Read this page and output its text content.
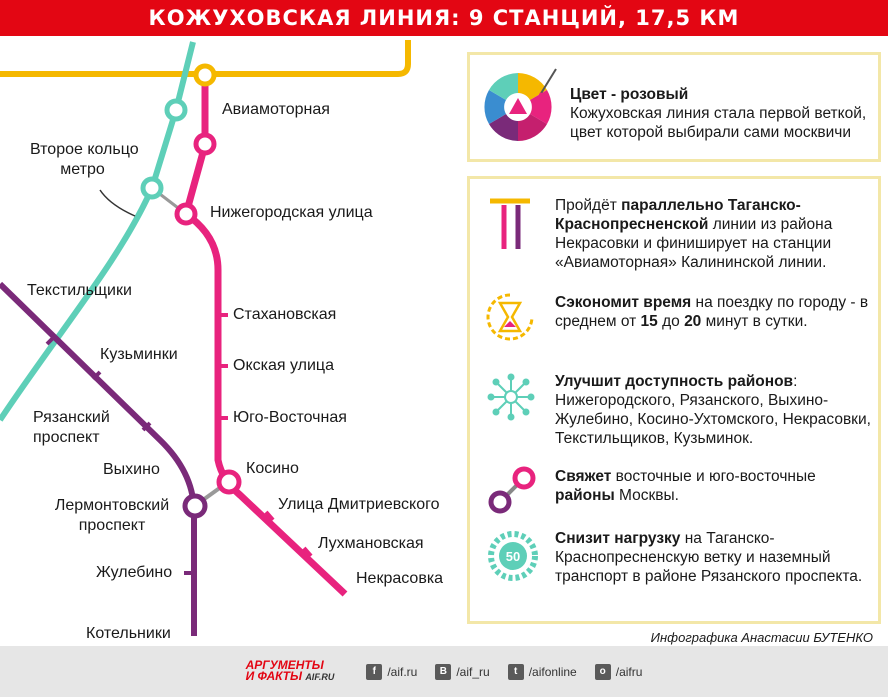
КОЖУХОВСКАЯ ЛИНИЯ: 9 СТАНЦИЙ, 17,5 КМ
Авиамоторная
Второе кольцо
метро
Нижегородская улица
Стахановская
Окская улица
Юго-Восточная
Косино
Улица Дмитриевского
Лухмановская
Некрасовка
Текстильщики
Кузьминки
Рязанский
проспект
Выхино
Лермонтовский
проспект
Жулебино
Котельники
Цвет - розовый
Кожуховская линия стала первой веткой, цвет которой выбирали сами москвичи
Пройдёт параллельно Таганско-Краснопресненской линии из района Некрасовки и финиширует на станции «Авиамоторная» Калининской линии.
Сэкономит время на поездку по городу - в среднем от 15 до 20 минут в сутки.
Улучшит доступность районов: Нижегородского, Рязанского, Выхино-Жулебино, Косино-Ухтомского, Некрасовки, Текстильщиков, Кузьминок.
Свяжет восточные и юго-восточные районы Москвы.
50
Снизит нагрузку на Таганско-Краснопресненскую ветку и наземный транспорт в районе Рязанского проспекта.
Инфографика Анастасии БУТЕНКО
АРГУМЕНТЫ
И ФАКТЫ AIF.RU	f /aif.ru	В /aif_ru	t /aifonline	о /aifru
